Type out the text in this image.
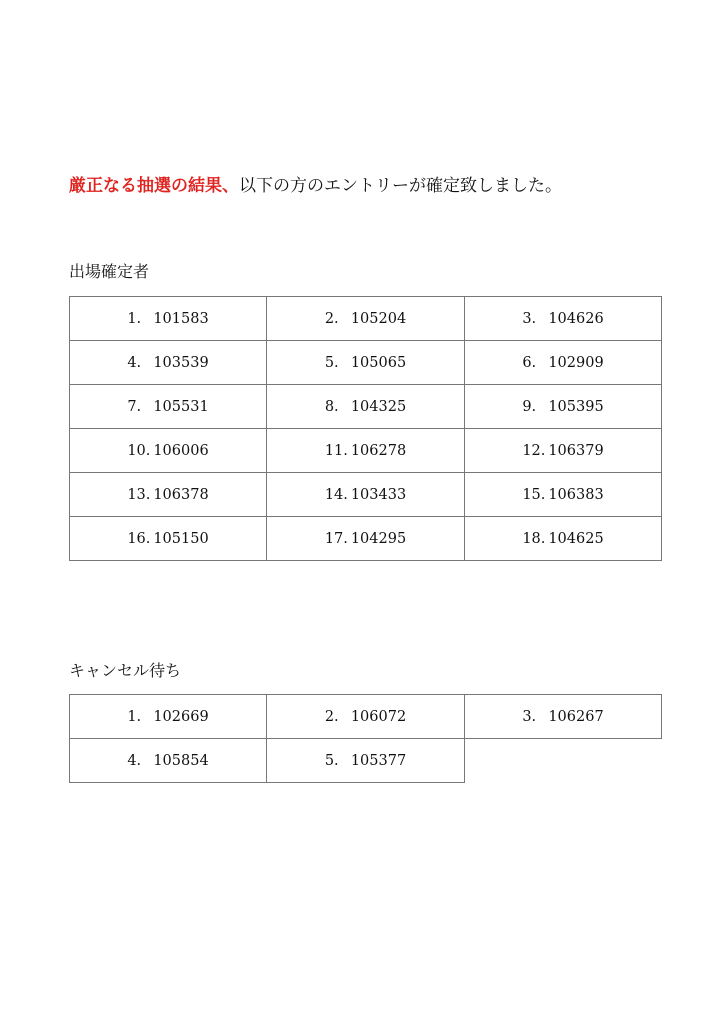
厳正なる抽選の結果、以下の方のエントリーが確定致しました。
出場確定者
1. 101583	2. 105204	3. 104626
4. 103539	5. 105065	6. 102909
7. 105531	8. 104325	9. 105395
10. 106006	11. 106278	12. 106379
13. 106378	14. 103433	15. 106383
16. 105150	17. 104295	18. 104625
キャンセル待ち
1. 102669	2. 106072	3. 106267
4. 105854	5. 105377
